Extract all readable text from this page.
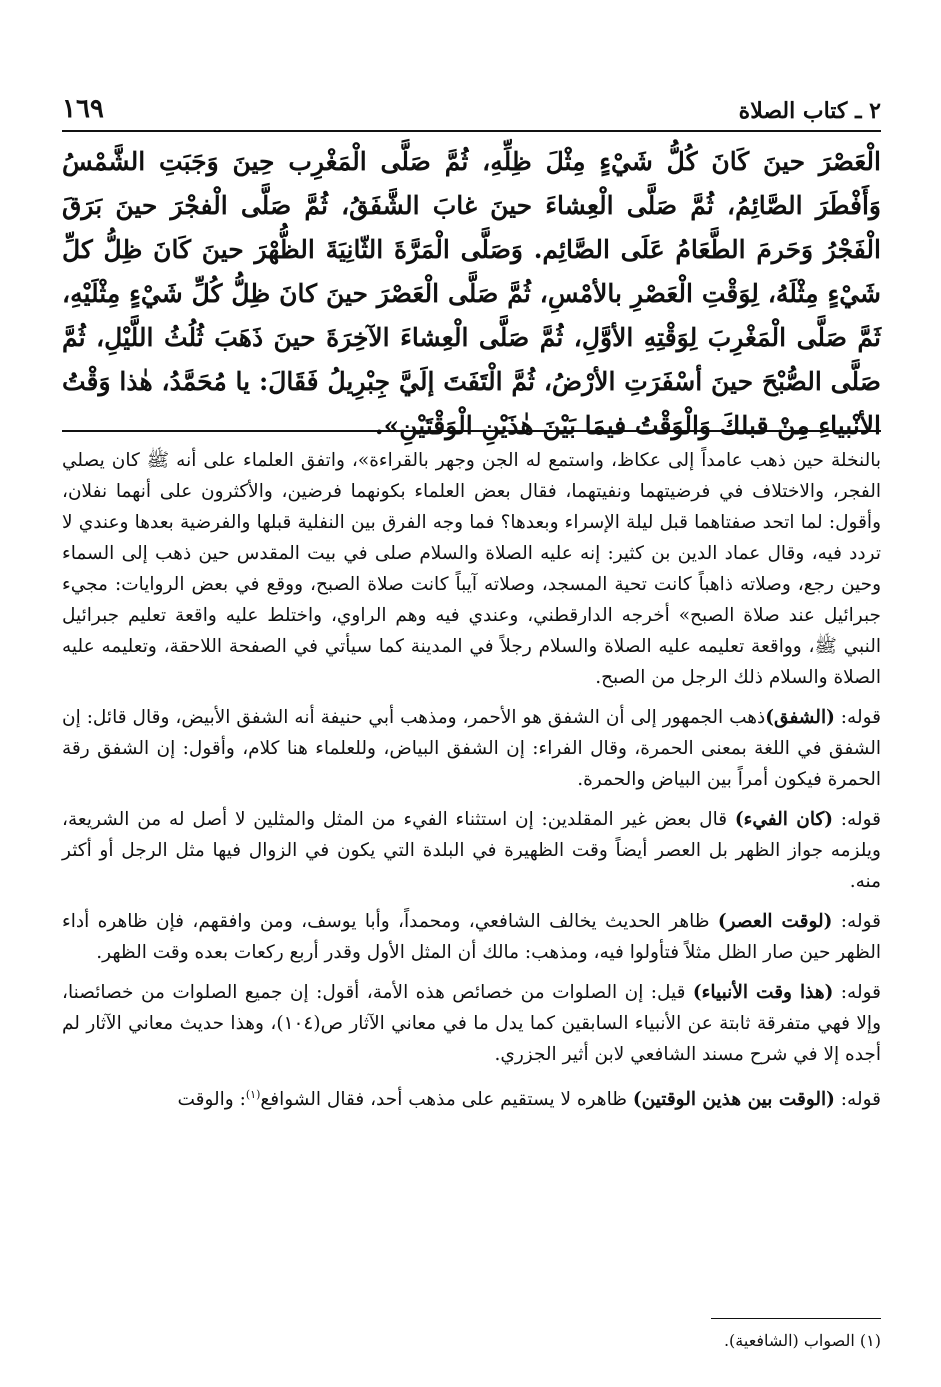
٢ ـ كتاب الصلاة
١٦٩

الْعَصْرَ حينَ كَانَ كُلُّ شَيْءٍ مِثْلَ ظِلِّهِ، ثُمَّ صَلَّى الْمَغْرِب حِينَ وَجَبَتِ الشَّمْسُ وَأَفْطَرَ الصَّائِمُ، ثُمَّ صَلَّى الْعِشاءَ حينَ غابَ الشَّفَقُ، ثُمَّ صَلَّى الْفجْرَ حينَ بَرَقَ الْفَجْرُ وَحَرمَ الطَّعَامُ عَلَى الصَّائِم. وَصَلَّى الْمَرَّةَ الثّانِيَةَ الظُّهْرَ حينَ كَانَ ظِلُّ كلِّ شَيْءٍ مِثْلَهُ، لِوَقْتِ الْعَصْرِ بالأمْسِ، ثُمَّ صَلَّى الْعَصْرَ حينَ كانَ ظِلُّ كُلِّ شَيْءٍ مِثْلَيْهِ، ثَمَّ صَلَّى الْمَغْرِبَ لِوَقْتِهِ الأوَّلِ، ثُمَّ صَلَّى الْعِشاءَ الآخِرَةَ حينَ ذَهَبَ ثُلُثُ اللَّيْلِ، ثُمَّ صَلَّى الصُّبْحَ حينَ أسْفَرَتِ الأرْضُ، ثُمَّ الْتَفَتَ إلَيَّ جِبْرِيلُ فَقَالَ: يا مُحَمَّدُ، هٰذا وَقْتُ الأنْبياءِ مِنْ قبلكَ وَالْوَقْتُ فيمَا بَيْنَ هٰذَيْنِ الْوَقْتَيْنِ».

بالنخلة حين ذهب عامداً إلى عكاظ، واستمع له الجن وجهر بالقراءة»، واتفق العلماء على أنه ﷺ كان يصلي الفجر، والاختلاف في فرضيتهما ونفيتهما، فقال بعض العلماء بكونهما فرضين، والأكثرون على أنهما نفلان، وأقول: لما اتحد صفتاهما قبل ليلة الإسراء وبعدها؟ فما وجه الفرق بين النفلية قبلها والفرضية بعدها وعندي لا تردد فيه، وقال عماد الدين بن كثير: إنه عليه الصلاة والسلام صلى في بيت المقدس حين ذهب إلى السماء وحين رجع، وصلاته ذاهباً كانت تحية المسجد، وصلاته آيباً كانت صلاة الصبح، ووقع في بعض الروايات: مجيء جبرائيل عند صلاة الصبح» أخرجه الدارقطني، وعندي فيه وهم الراوي، واختلط عليه واقعة تعليم جبرائيل النبي ﷺ، وواقعة تعليمه عليه الصلاة والسلام رجلاً في المدينة كما سيأتي في الصفحة اللاحقة، وتعليمه عليه الصلاة والسلام ذلك الرجل من الصبح.

قوله: (الشفق)ذهب الجمهور إلى أن الشفق هو الأحمر، ومذهب أبي حنيفة أنه الشفق الأبيض، وقال قائل: إن الشفق في اللغة بمعنى الحمرة، وقال الفراء: إن الشفق البياض، وللعلماء هنا كلام، وأقول: إن الشفق رقة الحمرة فيكون أمراً بين البياض والحمرة.

قوله: (كان الفيء) قال بعض غير المقلدين: إن استثناء الفيء من المثل والمثلين لا أصل له من الشريعة، ويلزمه جواز الظهر بل العصر أيضاً وقت الظهيرة في البلدة التي يكون في الزوال فيها مثل الرجل أو أكثر منه.

قوله: (لوقت العصر) ظاهر الحديث يخالف الشافعي، ومحمداً، وأبا يوسف، ومن وافقهم، فإن ظاهره أداء الظهر حين صار الظل مثلاً فتأولوا فيه، ومذهب: مالك أن المثل الأول وقدر أربع ركعات بعده وقت الظهر.

قوله: (هذا وقت الأنبياء) قيل: إن الصلوات من خصائص هذه الأمة، أقول: إن جميع الصلوات من خصائصنا، وإلا فهي متفرقة ثابتة عن الأنبياء السابقين كما يدل ما في معاني الآثار ص(١٠٤)، وهذا حديث معاني الآثار لم أجده إلا في شرح مسند الشافعي لابن أثير الجزري.

قوله: (الوقت بين هذين الوقتين) ظاهره لا يستقيم على مذهب أحد، فقال الشوافع$^{(١)}$: والوقت

(١) الصواب (الشافعية).
